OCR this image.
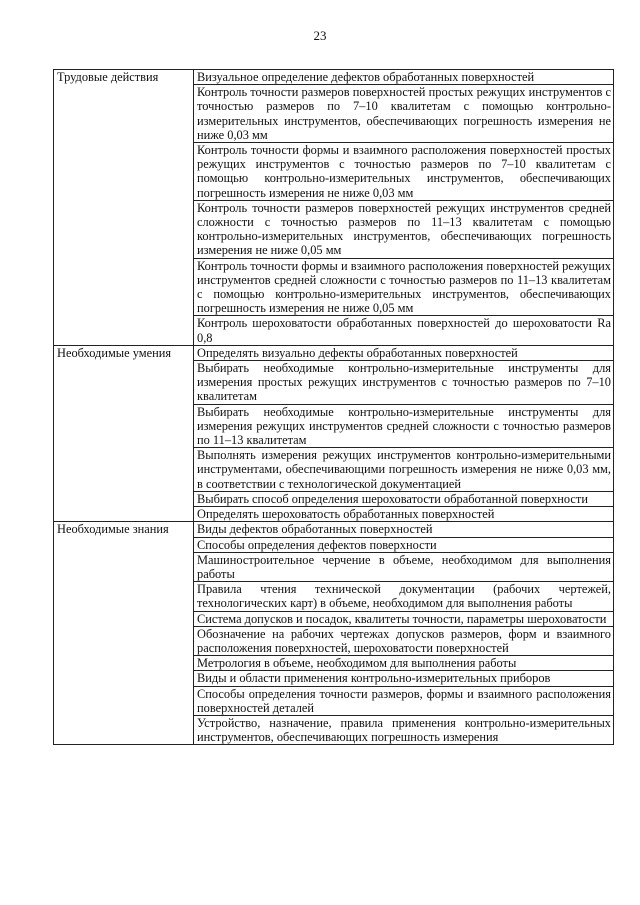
23
Трудовые действия	Визуальное определение дефектов обработанных поверхностей
	Контроль точности размеров поверхностей простых режущих инструментов с точностью размеров по 7–10 квалитетам с помощью контрольно-измерительных инструментов, обеспечивающих погрешность измерения не ниже 0,03 мм
	Контроль точности формы и взаимного расположения поверхностей простых режущих инструментов с точностью размеров по 7–10 квалитетам с помощью контрольно-измерительных инструментов, обеспечивающих погрешность измерения не ниже 0,03 мм
	Контроль точности размеров поверхностей режущих инструментов средней сложности с точностью размеров по 11–13 квалитетам с помощью контрольно-измерительных инструментов, обеспечивающих погрешность измерения не ниже 0,05 мм
	Контроль точности формы и взаимного расположения поверхностей режущих инструментов средней сложности с точностью размеров по 11–13 квалитетам с помощью контрольно-измерительных инструментов, обеспечивающих погрешность измерения не ниже 0,05 мм
	Контроль шероховатости обработанных поверхностей до шероховатости Ra 0,8
Необходимые умения	Определять визуально дефекты обработанных поверхностей
	Выбирать необходимые контрольно-измерительные инструменты для измерения простых режущих инструментов с точностью размеров по 7–10 квалитетам
	Выбирать необходимые контрольно-измерительные инструменты для измерения режущих инструментов средней сложности с точностью размеров по 11–13 квалитетам
	Выполнять измерения режущих инструментов контрольно-измерительными инструментами, обеспечивающими погрешность измерения не ниже 0,03 мм, в соответствии с технологической документацией
	Выбирать способ определения шероховатости обработанной поверхности
	Определять шероховатость обработанных поверхностей
Необходимые знания	Виды дефектов обработанных поверхностей
	Способы определения дефектов поверхности
	Машиностроительное черчение в объеме, необходимом для выполнения работы
	Правила чтения технической документации (рабочих чертежей, технологических карт) в объеме, необходимом для выполнения работы
	Система допусков и посадок, квалитеты точности, параметры шероховатости
	Обозначение на рабочих чертежах допусков размеров, форм и взаимного расположения поверхностей, шероховатости поверхностей
	Метрология в объеме, необходимом для выполнения работы
	Виды и области применения контрольно-измерительных приборов
	Способы определения точности размеров, формы и взаимного расположения поверхностей деталей
	Устройство, назначение, правила применения контрольно-измерительных инструментов, обеспечивающих погрешность измерения
